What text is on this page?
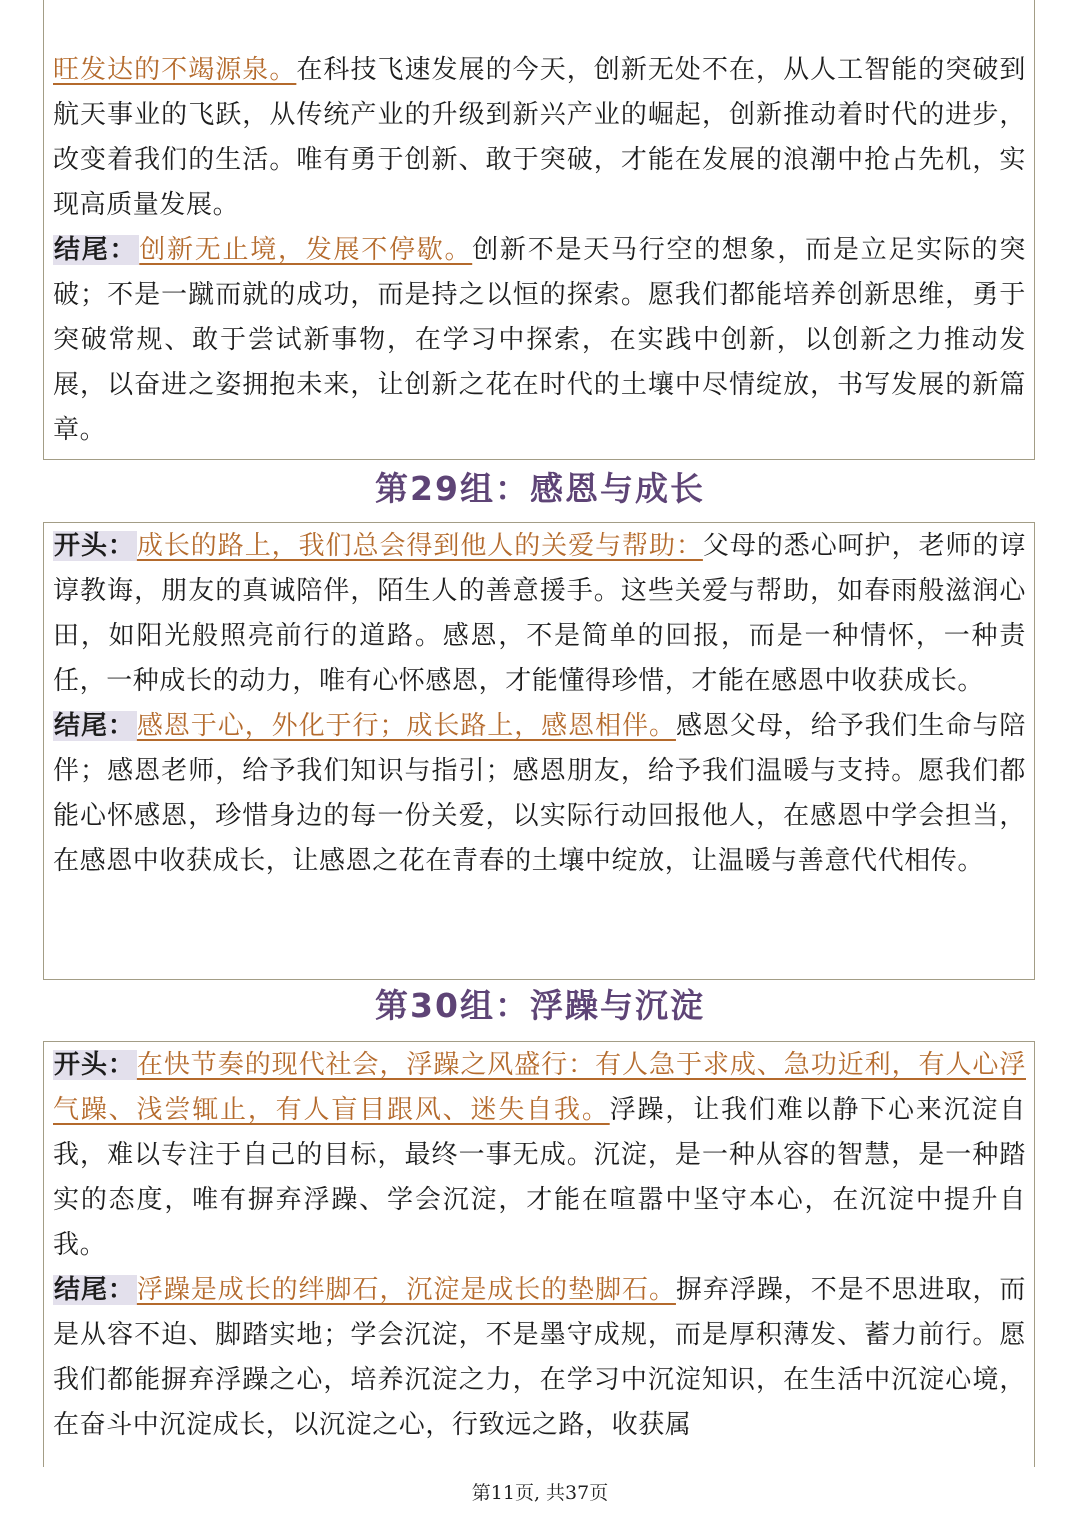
旺发达的不竭源泉。在科技飞速发展的今天，创新无处不在，从人工智能的突破到航天事业的飞跃，从传统产业的升级到新兴产业的崛起，创新推动着时代的进步，改变着我们的生活。唯有勇于创新、敢于突破，才能在发展的浪潮中抢占先机，实现高质量发展。

结尾：创新无止境，发展不停歇。创新不是天马行空的想象，而是立足实际的突破；不是一蹴而就的成功，而是持之以恒的探索。愿我们都能培养创新思维，勇于突破常规、敢于尝试新事物，在学习中探索，在实践中创新，以创新之力推动发展，以奋进之姿拥抱未来，让创新之花在时代的土壤中尽情绽放，书写发展的新篇章。

第29组：感恩与成长

开头：成长的路上，我们总会得到他人的关爱与帮助：父母的悉心呵护，老师的谆谆教诲，朋友的真诚陪伴，陌生人的善意援手。这些关爱与帮助，如春雨般滋润心田，如阳光般照亮前行的道路。感恩，不是简单的回报，而是一种情怀，一种责任，一种成长的动力，唯有心怀感恩，才能懂得珍惜，才能在感恩中收获成长。

结尾：感恩于心，外化于行；成长路上，感恩相伴。感恩父母，给予我们生命与陪伴；感恩老师，给予我们知识与指引；感恩朋友，给予我们温暖与支持。愿我们都能心怀感恩，珍惜身边的每一份关爱，以实际行动回报他人，在感恩中学会担当，在感恩中收获成长，让感恩之花在青春的土壤中绽放，让温暖与善意代代相传。

第30组：浮躁与沉淀

开头：在快节奏的现代社会，浮躁之风盛行：有人急于求成、急功近利，有人心浮气躁、浅尝辄止，有人盲目跟风、迷失自我。浮躁，让我们难以静下心来沉淀自我，难以专注于自己的目标，最终一事无成。沉淀，是一种从容的智慧，是一种踏实的态度，唯有摒弃浮躁、学会沉淀，才能在喧嚣中坚守本心，在沉淀中提升自我。

结尾：浮躁是成长的绊脚石，沉淀是成长的垫脚石。摒弃浮躁，不是不思进取，而是从容不迫、脚踏实地；学会沉淀，不是墨守成规，而是厚积薄发、蓄力前行。愿我们都能摒弃浮躁之心，培养沉淀之力，在学习中沉淀知识，在生活中沉淀心境，在奋斗中沉淀成长，以沉淀之心，行致远之路，收获属

第11页, 共37页
